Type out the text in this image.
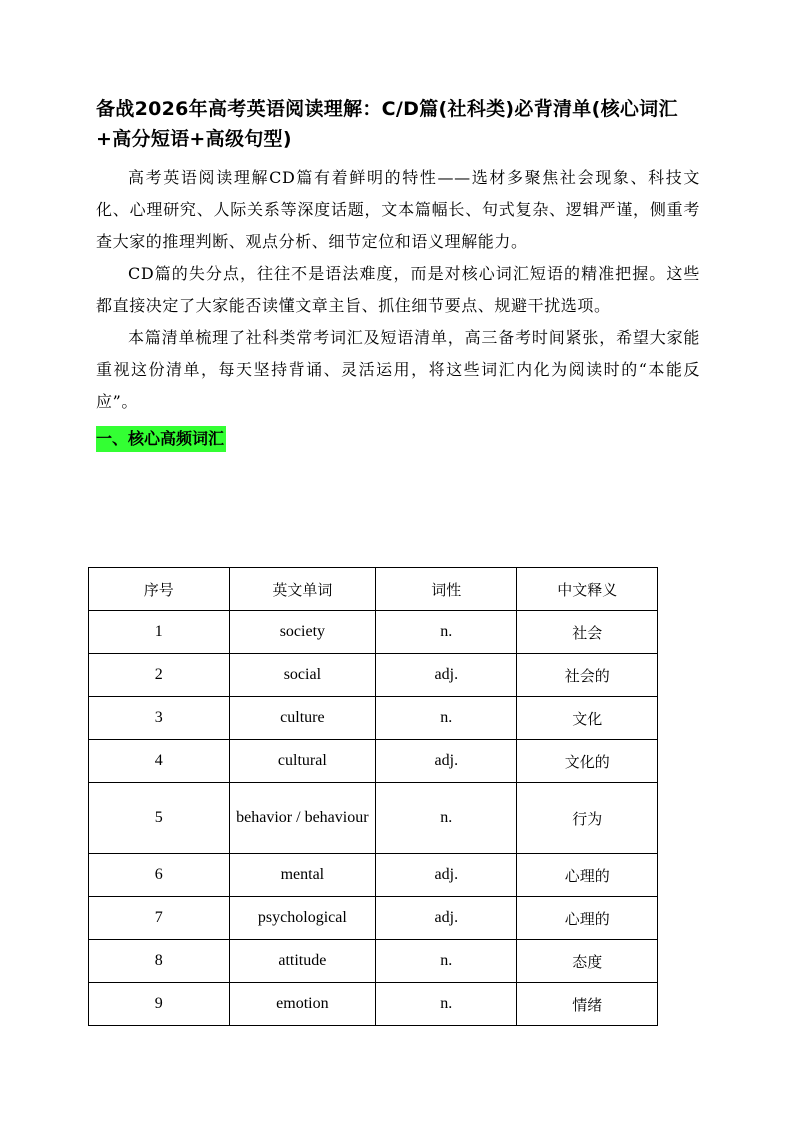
备战2026年高考英语阅读理解：C/D篇(社科类)必背清单(核心词汇+高分短语+高级句型)

高考英语阅读理解CD篇有着鲜明的特性——选材多聚焦社会现象、科技文化、心理研究、人际关系等深度话题，文本篇幅长、句式复杂、逻辑严谨，侧重考查大家的推理判断、观点分析、细节定位和语义理解能力。

CD篇的失分点，往往不是语法难度，而是对核心词汇短语的精准把握。这些都直接决定了大家能否读懂文章主旨、抓住细节要点、规避干扰选项。

本篇清单梳理了社科类常考词汇及短语清单，高三备考时间紧张，希望大家能重视这份清单，每天坚持背诵、灵活运用，将这些词汇内化为阅读时的“本能反应”。

一、核心高频词汇
序号	英文单词	词性	中文释义
1	society	n.	社会
2	social	adj.	社会的
3	culture	n.	文化
4	cultural	adj.	文化的
5	behavior / behaviour	n.	行为
6	mental	adj.	心理的
7	psychological	adj.	心理的
8	attitude	n.	态度
9	emotion	n.	情绪
